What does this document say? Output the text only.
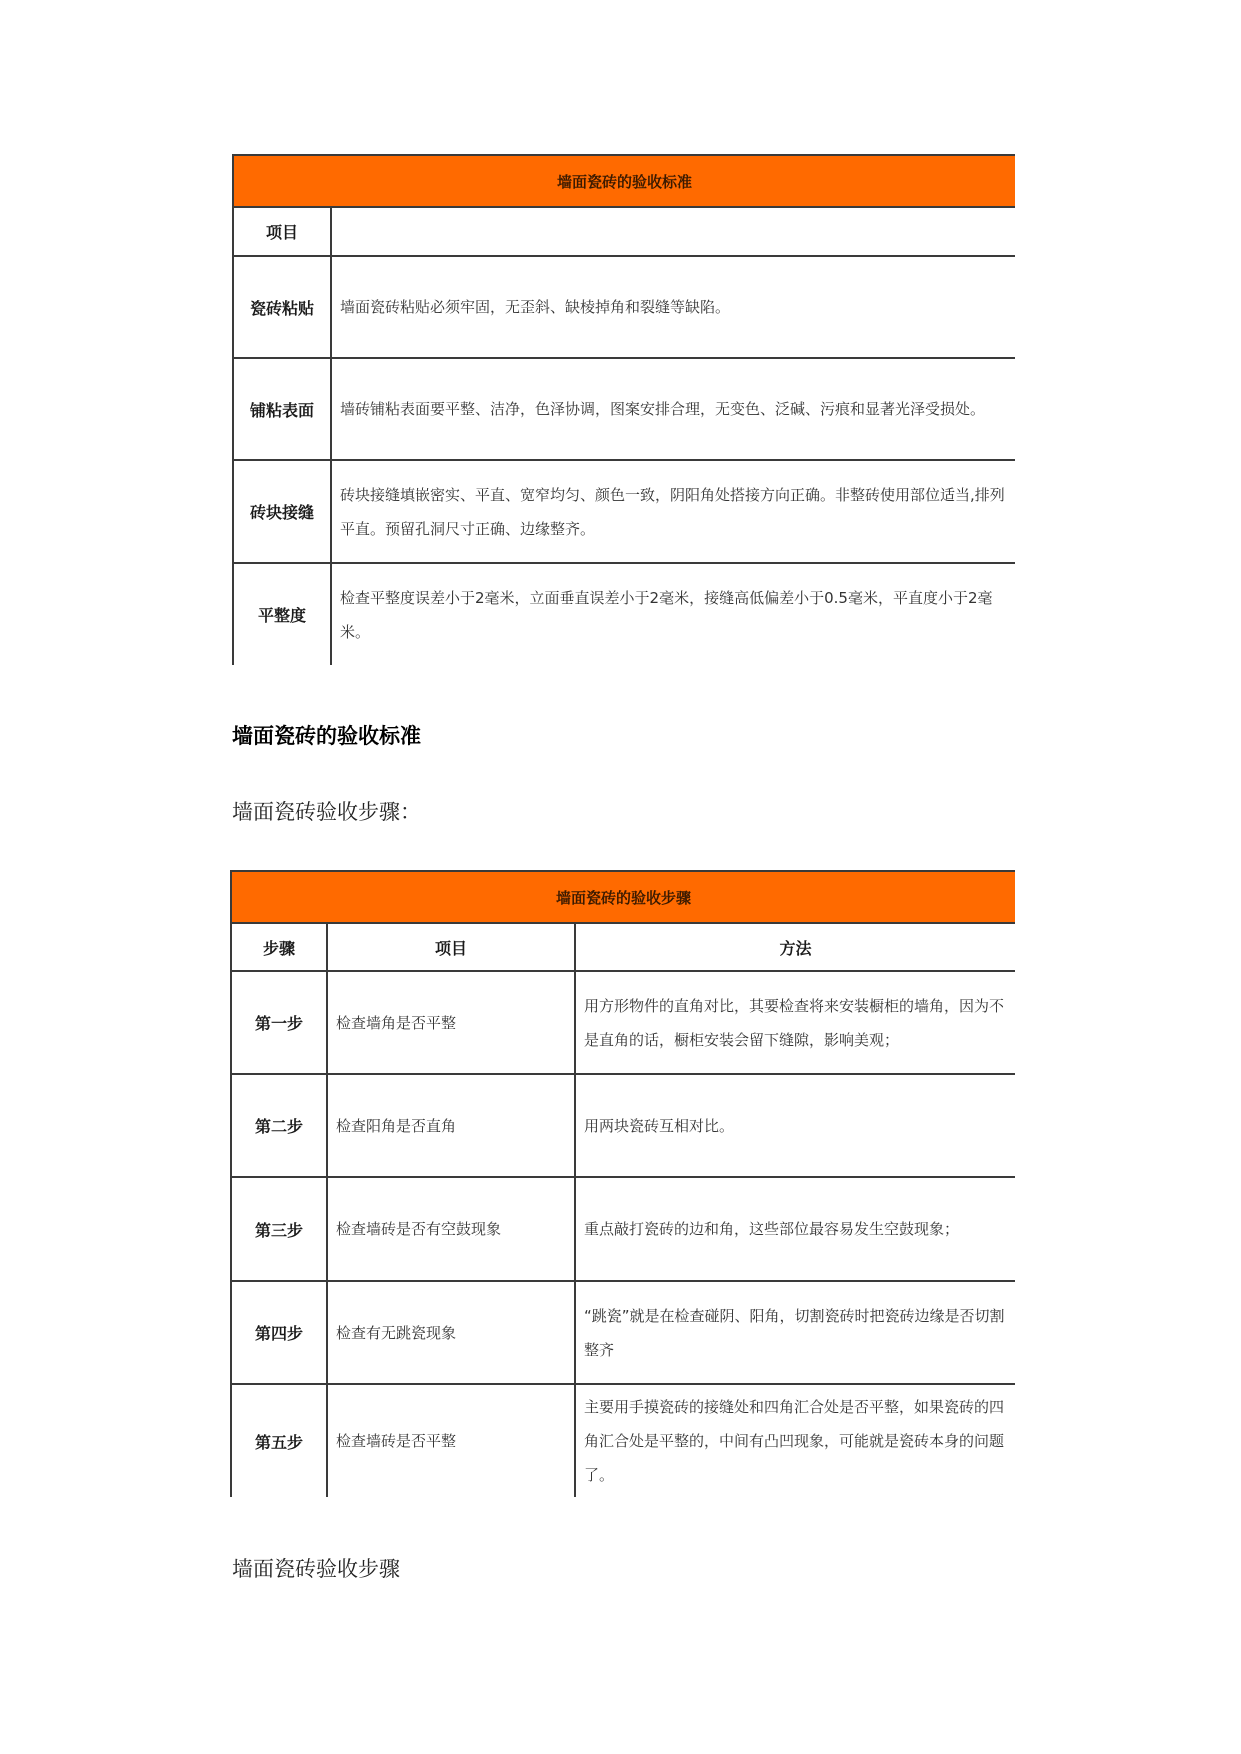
墙面瓷砖的验收标准	
项目	
瓷砖粘贴	墙面瓷砖粘贴必须牢固，无歪斜、缺棱掉角和裂缝等缺陷。
铺粘表面	墙砖铺粘表面要平整、洁净，色泽协调，图案安排合理，无变色、泛碱、污痕和显著光泽受损处。
砖块接缝	砖块接缝填嵌密实、平直、宽窄均匀、颜色一致，阴阳角处搭接方向正确。非整砖使用部位适当,排列平直。预留孔洞尺寸正确、边缘整齐。
平整度	检查平整度误差小于2毫米，立面垂直误差小于2毫米，接缝高低偏差小于0.5毫米，平直度小于2毫米。
墙面瓷砖的验收标准
墙面瓷砖验收步骤：
墙面瓷砖的验收步骤		
步骤	项目	方法
第一步	检查墙角是否平整	用方形物件的直角对比，其要检查将来安装橱柜的墙角，因为不是直角的话，橱柜安装会留下缝隙，影响美观；
第二步	检查阳角是否直角	用两块瓷砖互相对比。
第三步	检查墙砖是否有空鼓现象	重点敲打瓷砖的边和角，这些部位最容易发生空鼓现象；
第四步	检查有无跳瓷现象	“跳瓷”就是在检查碰阴、阳角，切割瓷砖时把瓷砖边缘是否切割整齐
第五步	检查墙砖是否平整	主要用手摸瓷砖的接缝处和四角汇合处是否平整，如果瓷砖的四角汇合处是平整的，中间有凸凹现象，可能就是瓷砖本身的问题了。
墙面瓷砖验收步骤
